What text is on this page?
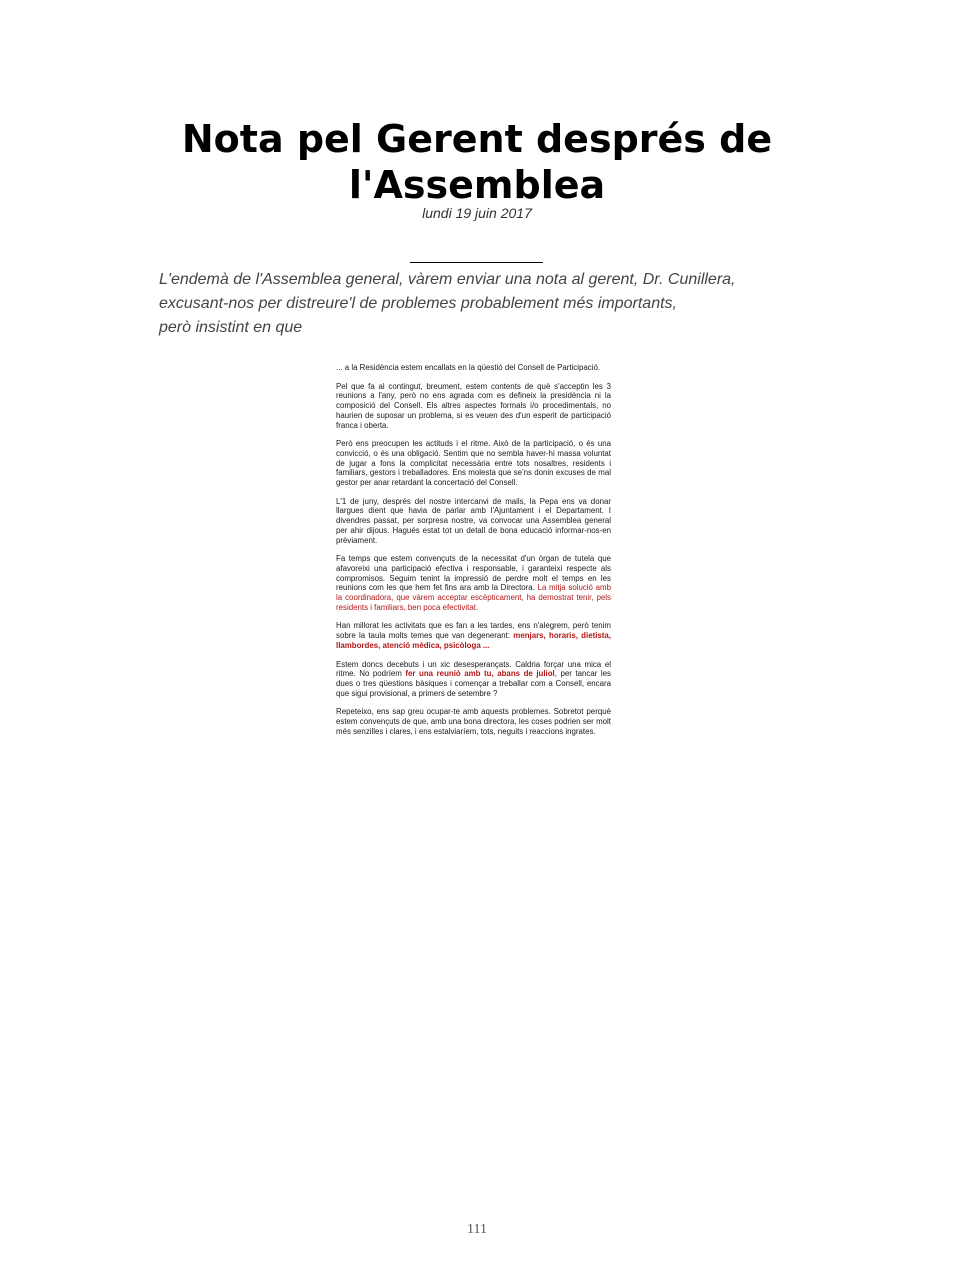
Nota pel Gerent després de
l'Assemblea
lundi 19 juin 2017

L'endemà de l'Assemblea general, vàrem enviar una nota al gerent, Dr. Cunillera,
excusant-nos per distreure'l de problemes probablement més importants,
però insistint en que

... a la Residència estem encallats en la qüestió del Consell de Participació.

Pel que fa al contingut, breument, estem contents de què s'acceptin les 3 reunions a l'any, però no ens agrada com es defineix la presidència ni la composició del Consell. Els altres aspectes formals i/o procedimentals, no haurien de suposar un problema, si es veuen des d'un esperit de participació franca i oberta.

Però ens preocupen les actituds i el ritme. Això de la participació, o és una convicció, o és una obligació. Sentim que no sembla haver-hi massa voluntat de jugar a fons la complicitat necessària entre tots nosaltres, residents i familiars, gestors i treballadores. Ens molesta que se'ns donin excuses de mal gestor per anar retardant la concertació del Consell.

L'1 de juny, després del nostre intercanvi de mails, la Pepa ens va donar llargues dient que havia de parlar amb l'Ajuntament i el Departament. I divendres passat, per sorpresa nostre, va convocar una Assemblea general per ahir dijous. Hagués estat tot un detall de bona educació informar-nos-en prèviament.

Fa temps que estem convençuts de la necessitat d'un òrgan de tutela que afavoreixi una participació efectiva i responsable, i garanteixi respecte als compromisos. Seguim tenint la impressió de perdre molt el temps en les reunions com les que hem fet fins ara amb la Directora. La mitja solució amb la coordinadora, que vàrem acceptar escèpticament, ha demostrat tenir, pels residents i familiars, ben poca efectivitat.

Han millorat les activitats que es fan a les tardes, ens n'alegrem, però tenim sobre la taula molts temes que van degenerant: menjars, horaris, dietista, llambordes, atenció mèdica, psicòloga ...

Estem doncs decebuts i un xic desesperançats. Caldria forçar una mica el ritme. No podríem fer una reunió amb tu, abans de juliol, per tancar les dues o tres qüestions bàsiques i començar a treballar com a Consell, encara que sigui provisional, a primers de setembre ?

Repeteixo, ens sap greu ocupar-te amb aquests problemes. Sobretot perquè estem convençuts de que, amb una bona directora, les coses podrien ser molt més senzilles i clares, i ens estalviaríem, tots, neguits i reaccions ingrates.

111
